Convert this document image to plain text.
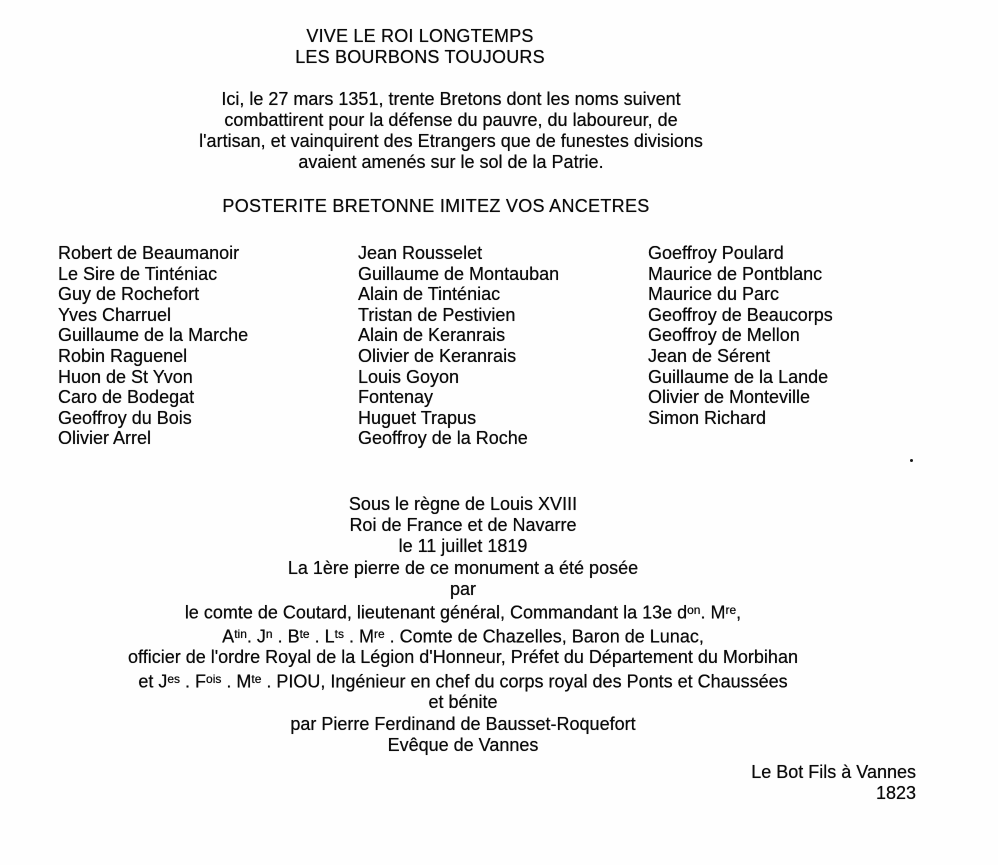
VIVE LE ROI LONGTEMPS
LES BOURBONS TOUJOURS
Ici, le 27 mars 1351, trente Bretons dont les noms suivent
combattirent pour la défense du pauvre, du laboureur, de
l'artisan, et vainquirent des Etrangers que de funestes divisions
avaient amenés sur le sol de la Patrie.
POSTERITE BRETONNE IMITEZ VOS ANCETRES
Robert de Beaumanoir
Le Sire de Tinténiac
Guy de Rochefort
Yves Charruel
Guillaume de la Marche
Robin Raguenel
Huon de St Yvon
Caro de Bodegat
Geoffroy du Bois
Olivier Arrel
Jean Rousselet
Guillaume de Montauban
Alain de Tinténiac
Tristan de Pestivien
Alain de Keranrais
Olivier de Keranrais
Louis Goyon
Fontenay
Huguet Trapus
Geoffroy de la Roche
Goeffroy Poulard
Maurice de Pontblanc
Maurice du Parc
Geoffroy de Beaucorps
Geoffroy de Mellon
Jean de Sérent
Guillaume de la Lande
Olivier de Monteville
Simon Richard
Sous le règne de Louis XVIII
Roi de France et de Navarre
le 11 juillet 1819
La 1ère pierre de ce monument a été posée
par
le comte de Coutard, lieutenant général, Commandant la 13e $d^{on}$. Mre,
$A^{tin}$. $J^n$ . $B^{te}$ . $L^{ts}$ . Mre . Comte de Chazelles, Baron de Lunac,
officier de l'ordre Royal de la Légion d'Honneur, Préfet du Département du Morbihan
et $J^{es}$ . $F^{ois}$ . $M^{te}$ . PIOU, Ingénieur en chef du corps royal des Ponts et Chaussées
et bénite
par Pierre Ferdinand de Bausset-Roquefort
Evêque de Vannes
Le Bot Fils à Vannes
1823
